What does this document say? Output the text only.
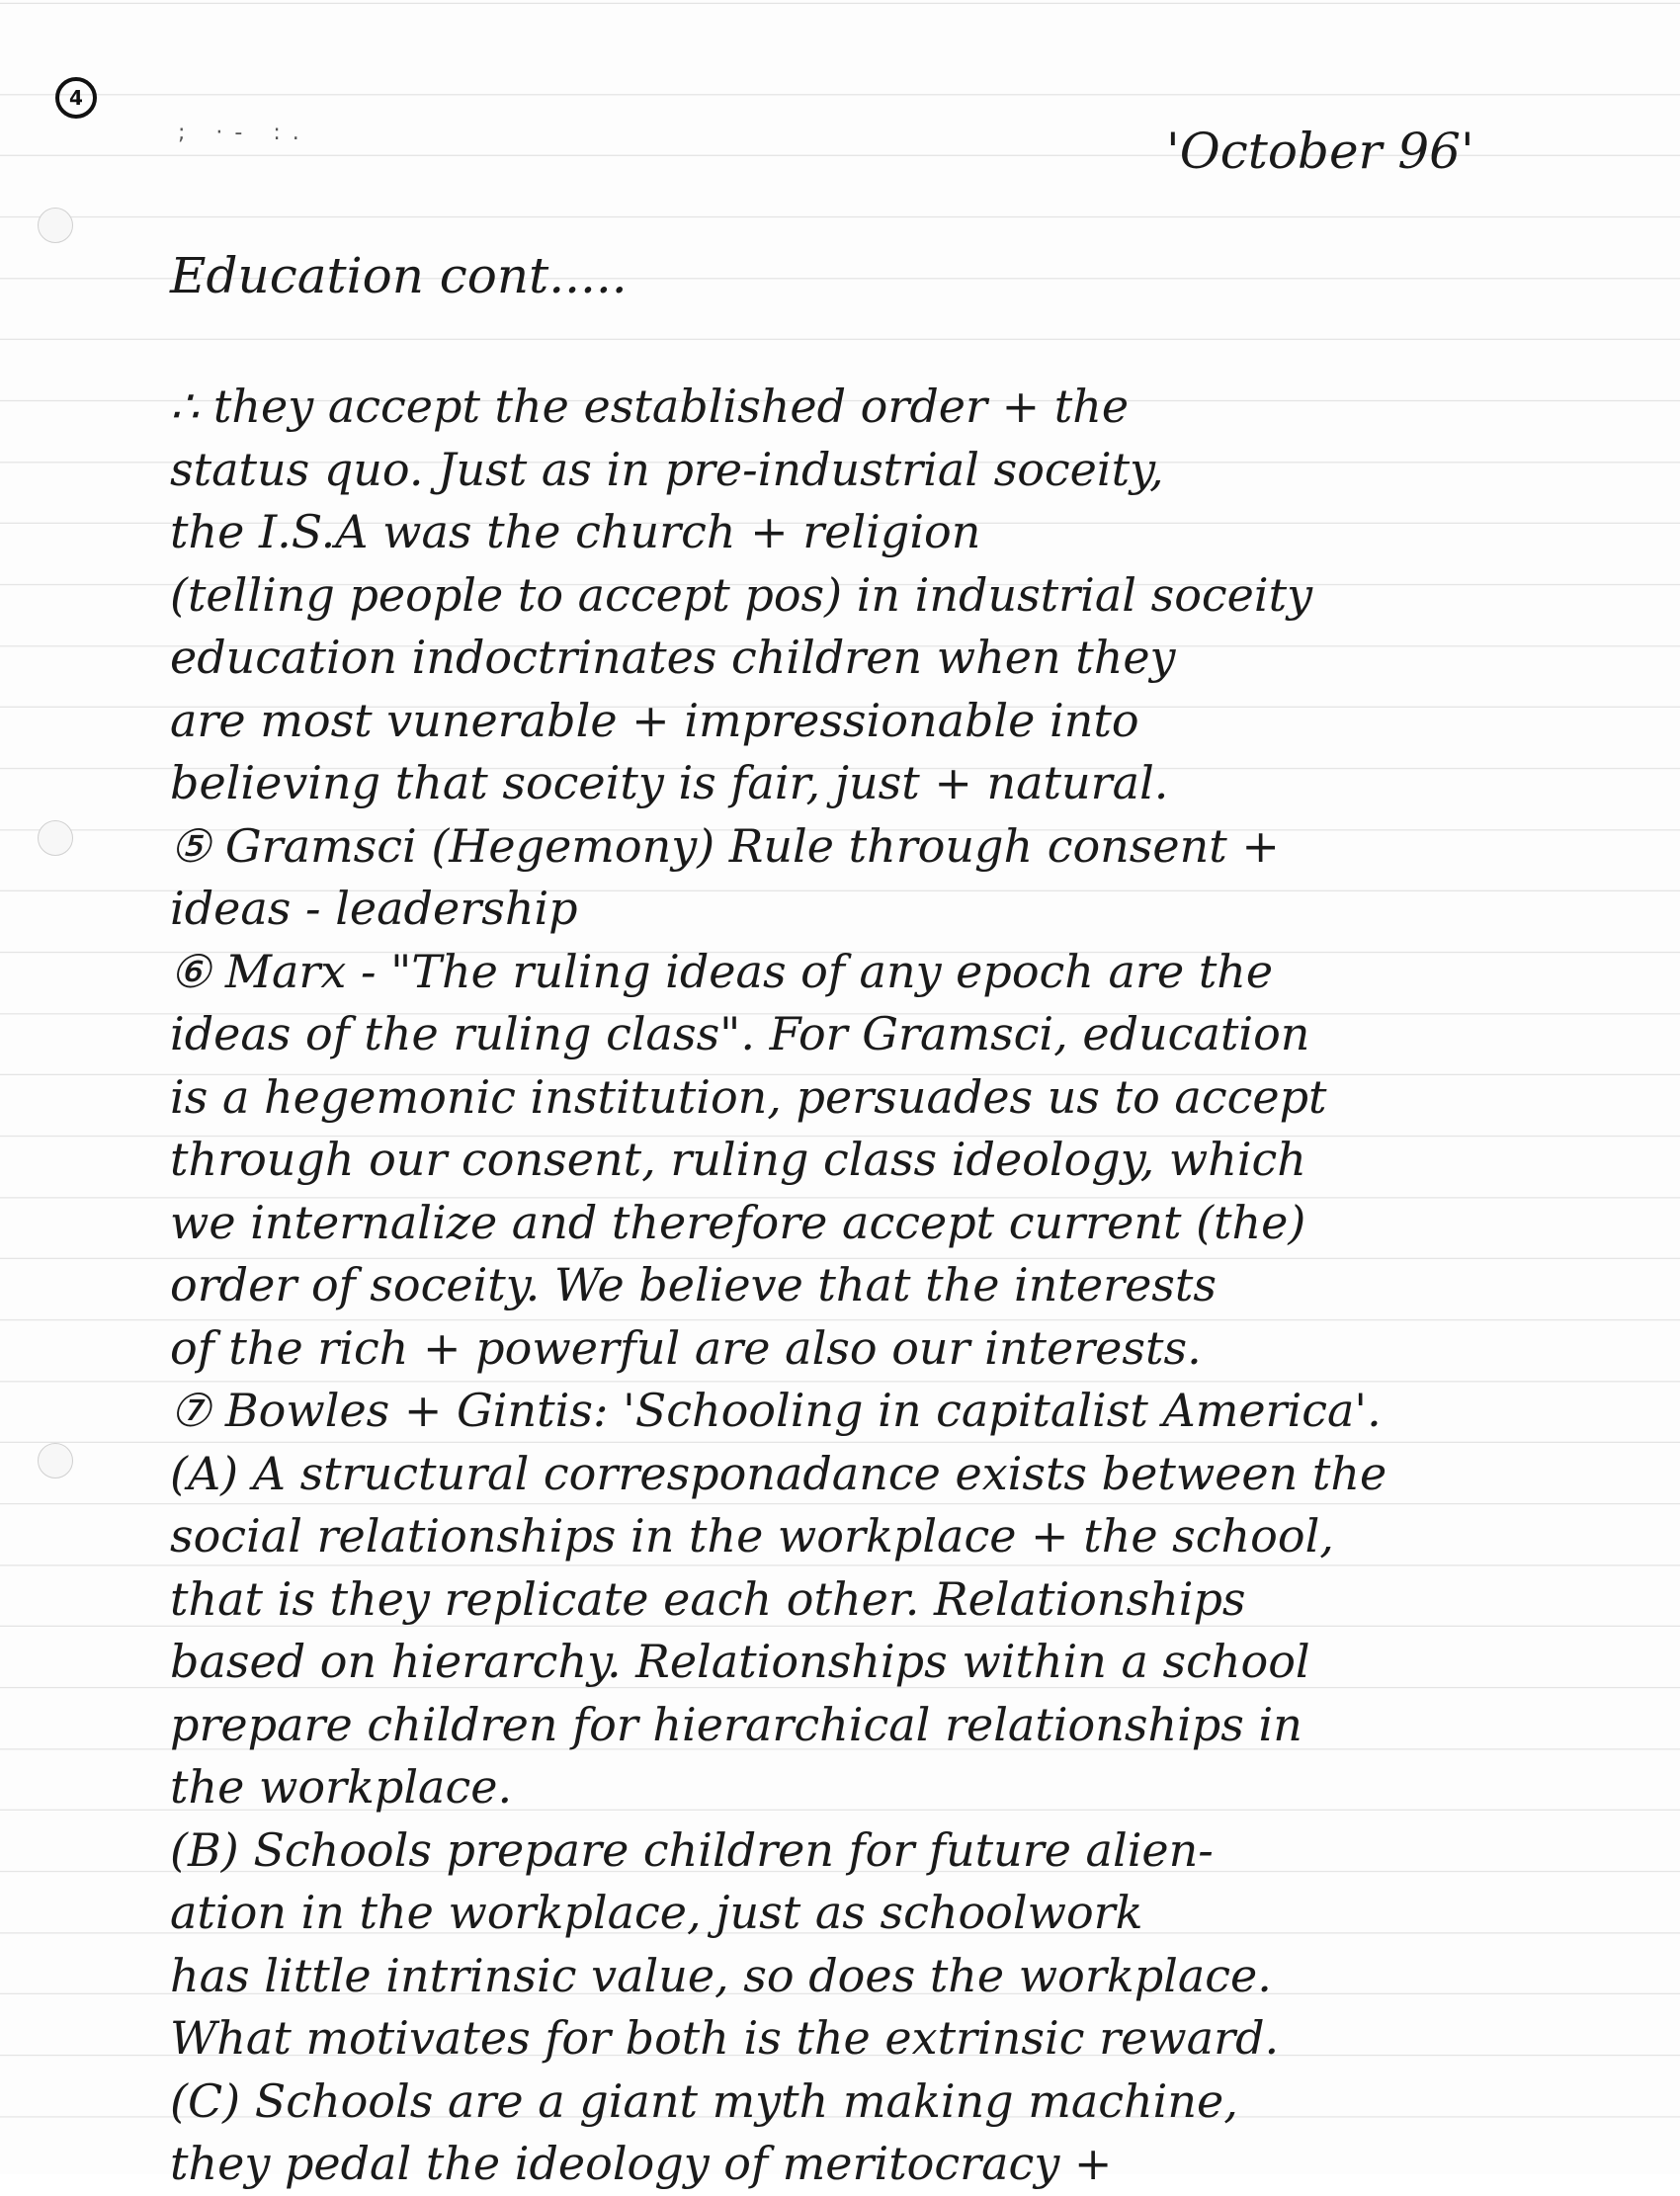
4
; ·- :.	'October 96'
Education cont.....
∴ they accept the established order + the
status quo. Just as in pre-industrial soceity,
the I.S.A was the church + religion
(telling people to accept pos) in industrial soceity
education indoctrinates children when they
are most vunerable + impressionable into
believing that soceity is fair, just + natural.
⑤ Gramsci (Hegemony) Rule through consent +
ideas - leadership
⑥ Marx - "The ruling ideas of any epoch are the
ideas of the ruling class". For Gramsci, education
is a hegemonic institution, persuades us to accept
through our consent, ruling class ideology, which
we internalize and therefore accept current (the)
order of soceity. We believe that the interests
of the rich + powerful are also our interests.
⑦ Bowles + Gintis: 'Schooling in capitalist America'.
(A) A structural corresponadance exists between the
social relationships in the workplace + the school,
that is they replicate each other. Relationships
based on hierarchy. Relationships within a school
prepare children for hierarchical relationships in
the workplace.
(B) Schools prepare children for future alien-
ation in the workplace, just as schoolwork
has little intrinsic value, so does the workplace.
What motivates for both is the extrinsic reward.
(C) Schools are a giant myth making machine,
they pedal the ideology of meritocracy +
